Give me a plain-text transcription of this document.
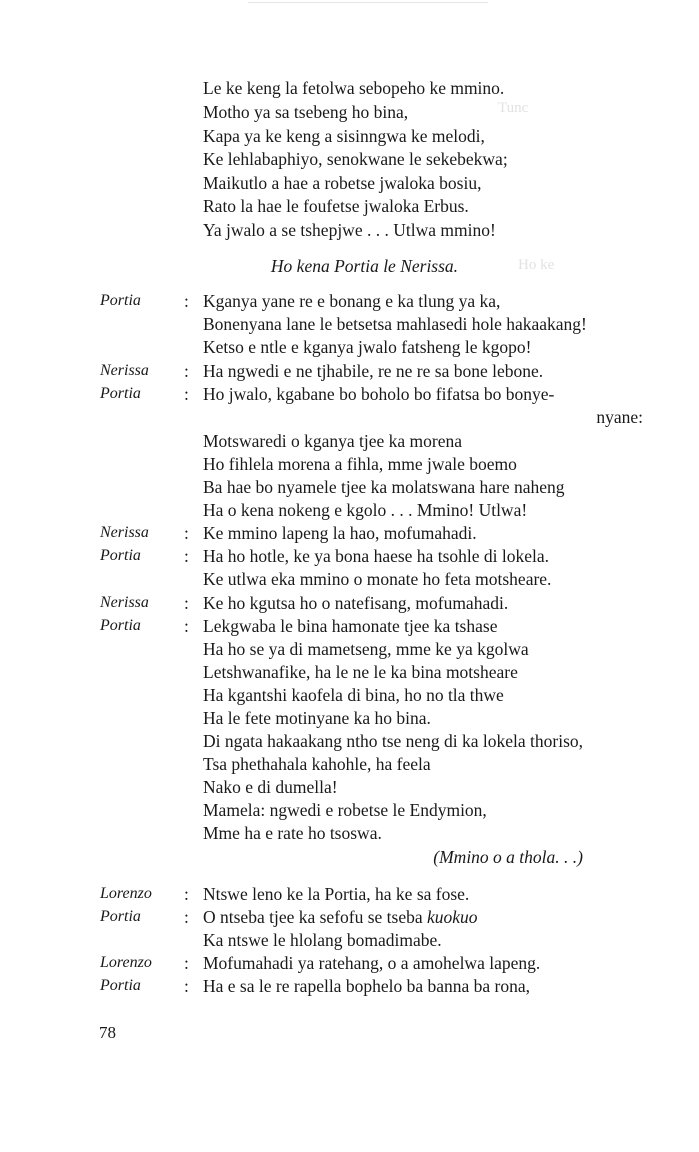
Tunc
Ho ke
Le ke keng la fetolwa sebopeho ke mmino.
Motho ya sa tsebeng ho bina,
Kapa ya ke keng a sisinngwa ke melodi,
Ke lehlabaphiyo, senokwane le sekebekwa;
Maikutlo a hae a robetse jwaloka bosiu,
Rato la hae le foufetse jwaloka Erbus.
Ya jwalo a se tshepjwe . . . Utlwa mmino!
Ho kena Portia le Nerissa.
Portia	: Kganya yane re e bonang e ka tlung ya ka,
Bonenyana lane le betsetsa mahlasedi hole hakaakang!
Ketso e ntle e kganya jwalo fatsheng le kgopo!
Nerissa	: Ha ngwedi e ne tjhabile, re ne re sa bone lebone.
Portia	: Ho jwalo, kgabane bo boholo bo fifatsa bo bonye-
nyane:
Motswaredi o kganya tjee ka morena
Ho fihlela morena a fihla, mme jwale boemo
Ba hae bo nyamele tjee ka molatswana hare naheng
Ha o kena nokeng e kgolo . . . Mmino! Utlwa!
Nerissa	: Ke mmino lapeng la hao, mofumahadi.
Portia	: Ha ho hotle, ke ya bona haese ha tsohle di lokela.
Ke utlwa eka mmino o monate ho feta motsheare.
Nerissa	: Ke ho kgutsa ho o natefisang, mofumahadi.
Portia	: Lekgwaba le bina hamonate tjee ka tshase
Ha ho se ya di mametseng, mme ke ya kgolwa
Letshwanafike, ha le ne le ka bina motsheare
Ha kgantshi kaofela di bina, ho no tla thwe
Ha le fete motinyane ka ho bina.
Di ngata hakaakang ntho tse neng di ka lokela thoriso,
Tsa phethahala kahohle, ha feela
Nako e di dumella!
Mamela: ngwedi e robetse le Endymion,
Mme ha e rate ho tsoswa.
(Mmino o a thola. . .)
Lorenzo	: Ntswe leno ke la Portia, ha ke sa fose.
Portia	: O ntseba tjee ka sefofu se tseba kuokuo
Ka ntswe le hlolang bomadimabe.
Lorenzo	: Mofumahadi ya ratehang, o a amohelwa lapeng.
Portia	: Ha e sa le re rapella bophelo ba banna ba rona,
78
